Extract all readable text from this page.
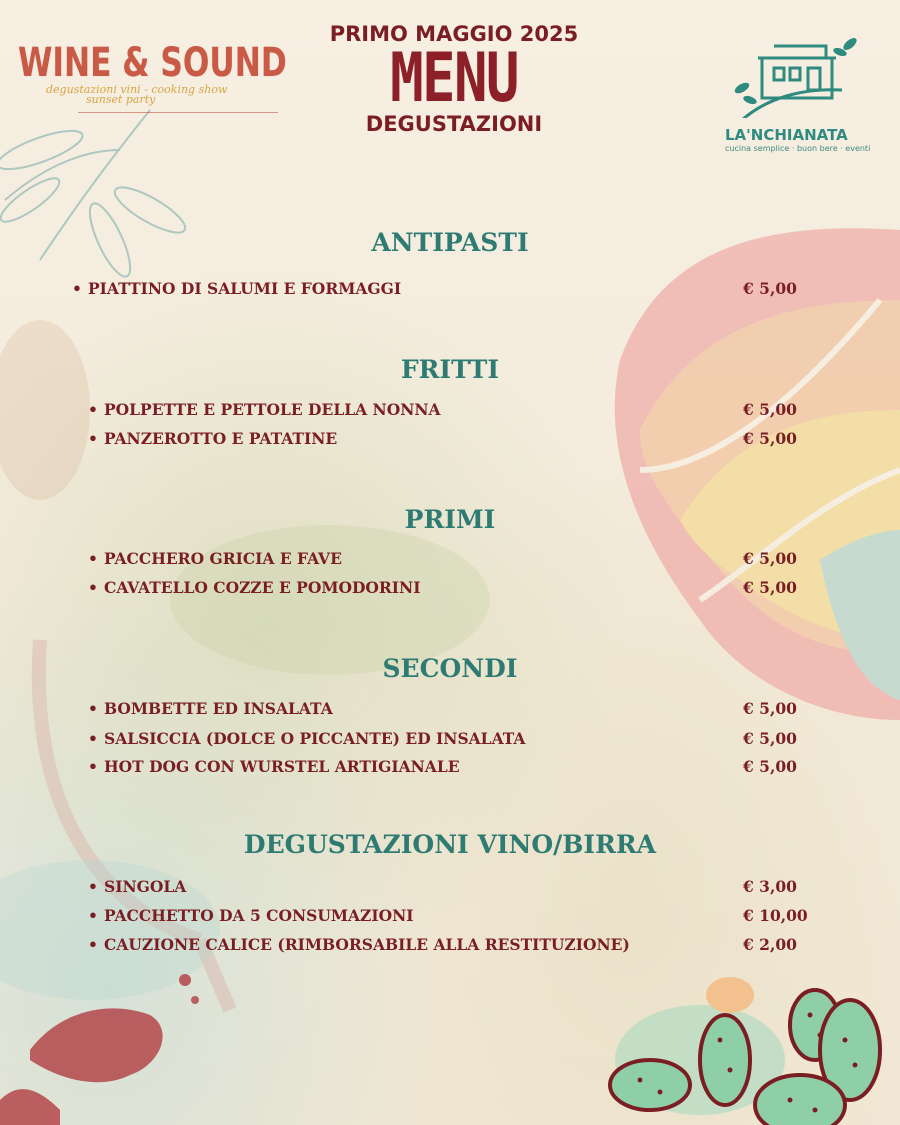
WINE & SOUND
degustazioni vini - cooking show
sunset party
PRIMO MAGGIO 2025
MENU
DEGUSTAZIONI	LA'NCHIANATA
cucina semplice · buon bere · eventi
ANTIPASTI
• PIATTINO DI SALUMI E FORMAGGI	€ 5,00
FRITTI
• POLPETTE E PETTOLE DELLA NONNA	€ 5,00
• PANZEROTTO E PATATINE	€ 5,00
PRIMI
• PACCHERO GRICIA E FAVE	€ 5,00
• CAVATELLO COZZE E POMODORINI	€ 5,00
SECONDI
• BOMBETTE ED INSALATA	€ 5,00
• SALSICCIA (DOLCE O PICCANTE) ED INSALATA	€ 5,00
• HOT DOG CON WURSTEL ARTIGIANALE	€ 5,00
DEGUSTAZIONI VINO/BIRRA
• SINGOLA	€ 3,00
• PACCHETTO DA 5 CONSUMAZIONI	€ 10,00
• CAUZIONE CALICE (RIMBORSABILE ALLA RESTITUZIONE)	€ 2,00
